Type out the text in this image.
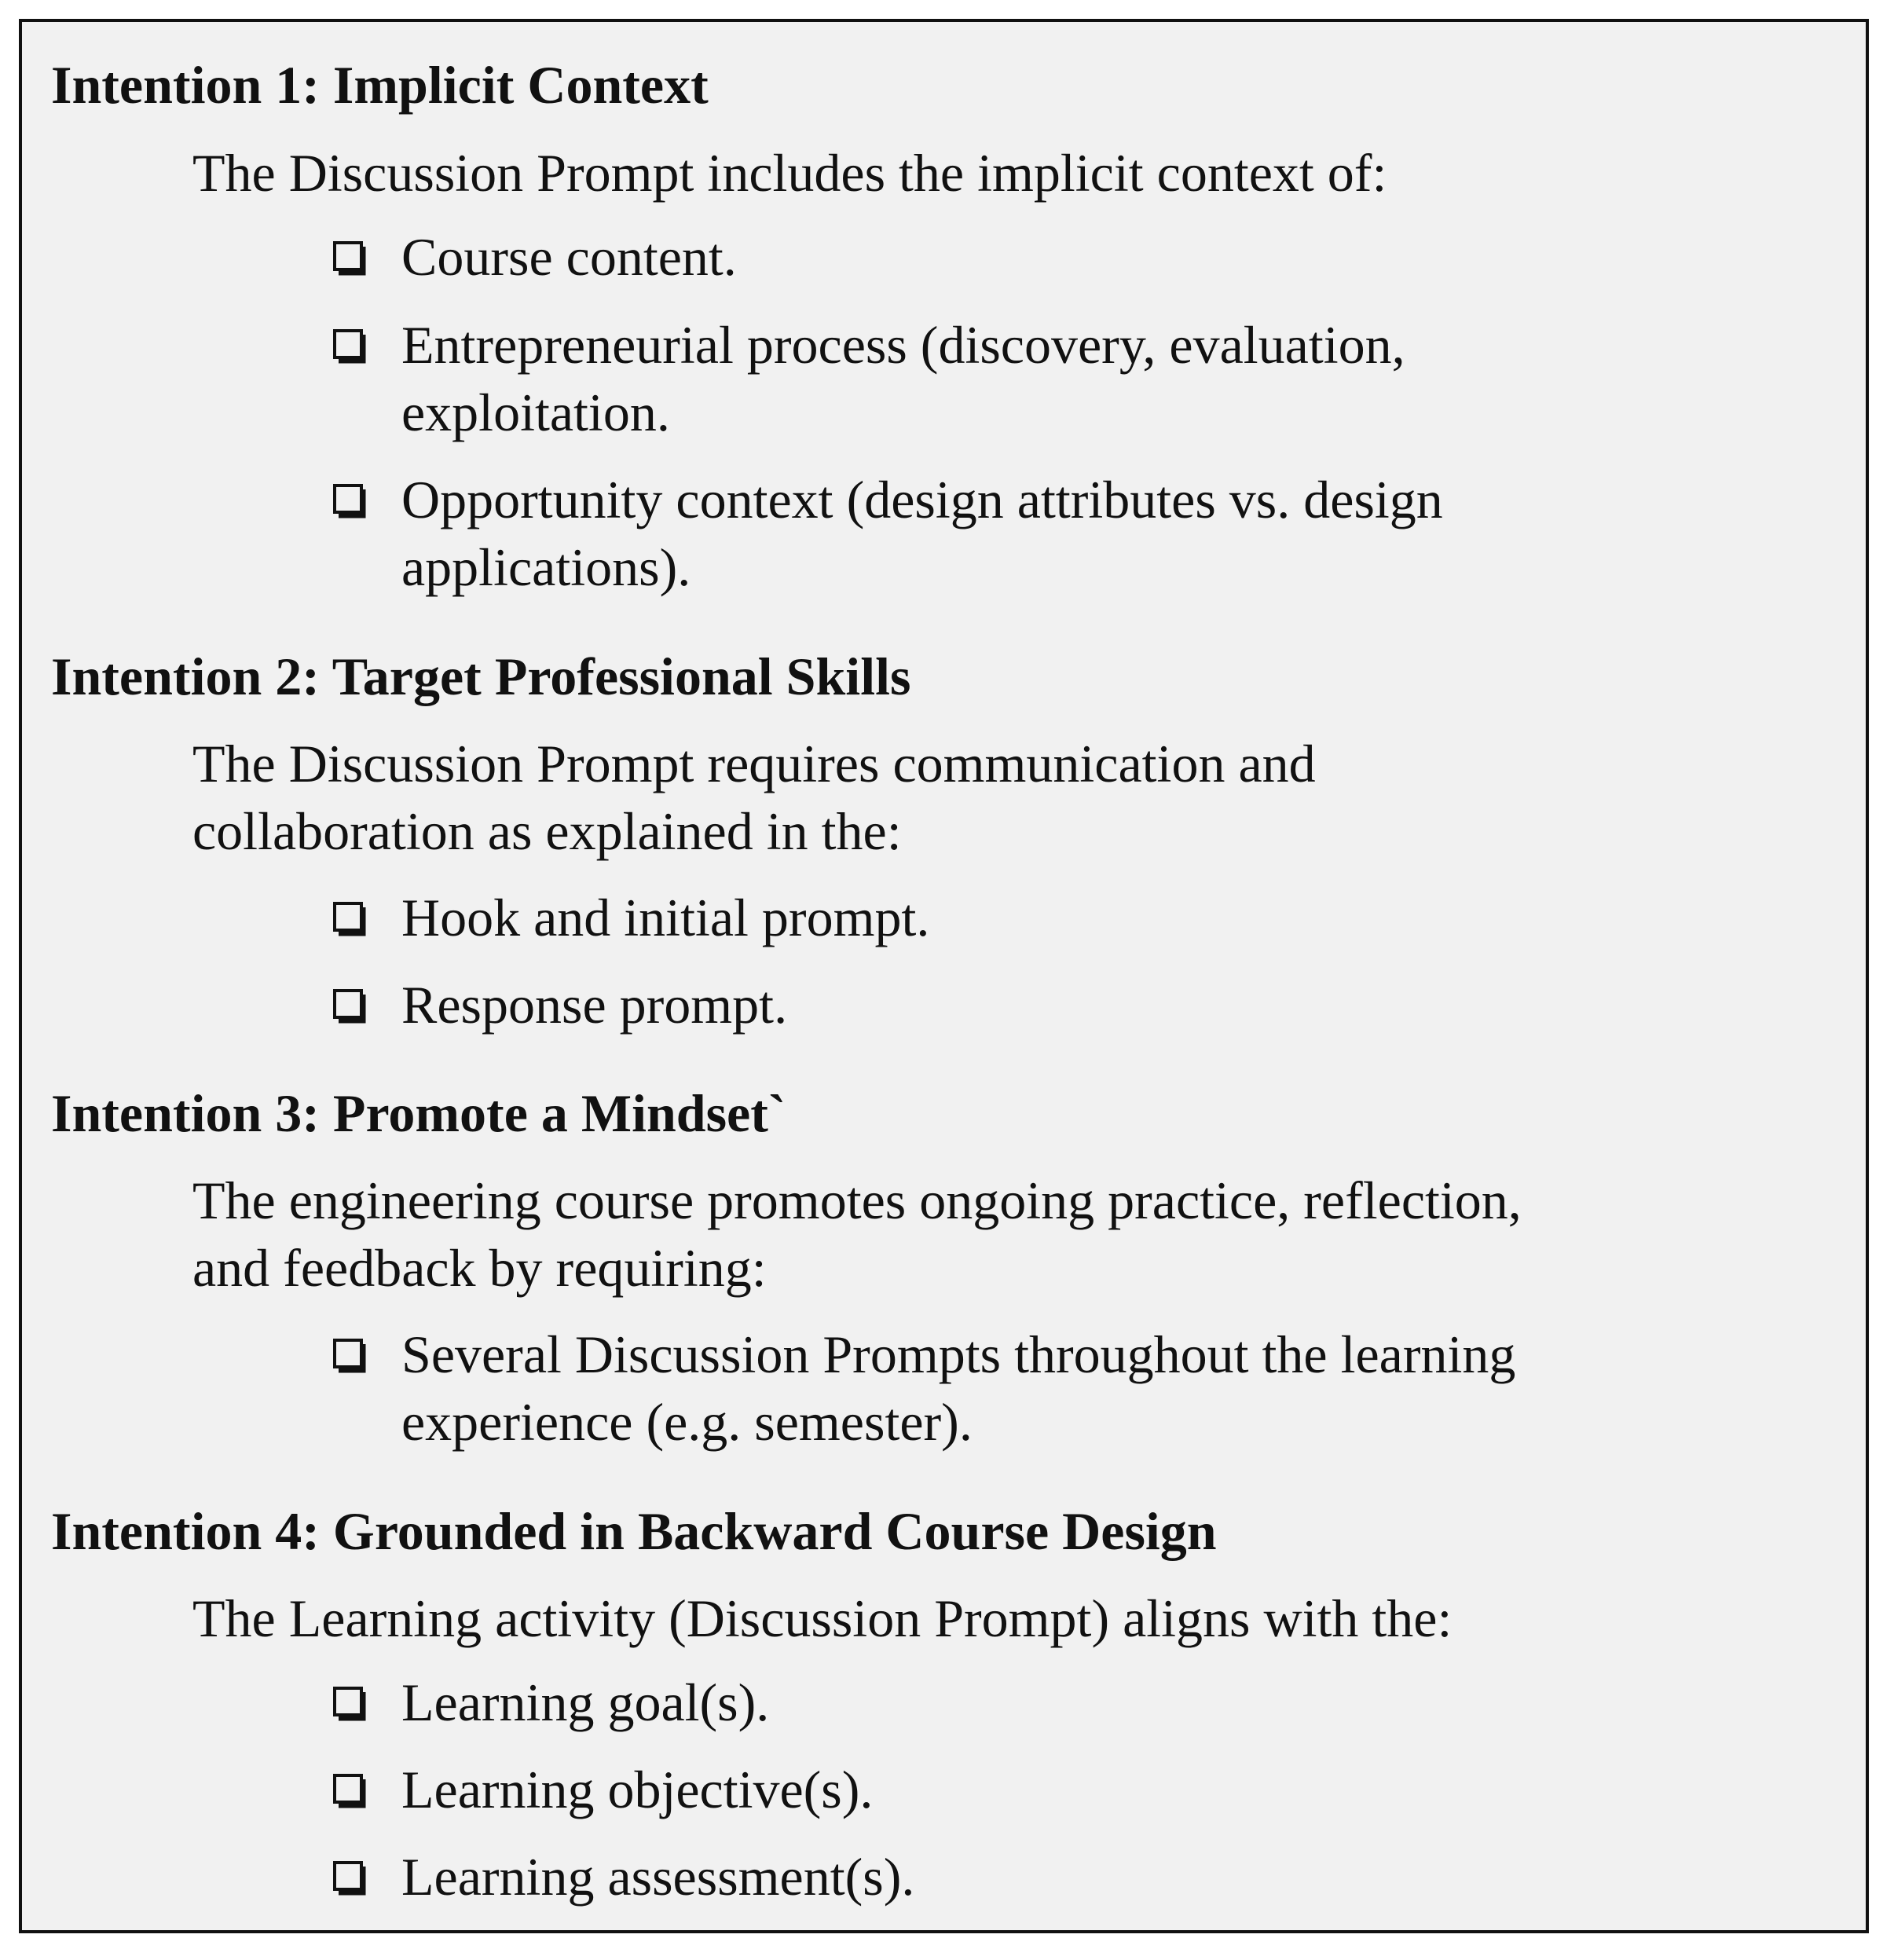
Intention 1: Implicit Context
The Discussion Prompt includes the implicit context of:
Course content.
Entrepreneurial process (discovery, evaluation,
exploitation.
Opportunity context (design attributes vs. design
applications).
Intention 2: Target Professional Skills
The Discussion Prompt requires communication and
collaboration as explained in the:
Hook and initial prompt.
Response prompt.
Intention 3: Promote a Mindset`
The engineering course promotes ongoing practice, reflection,
and feedback by requiring:
Several Discussion Prompts throughout the learning
experience (e.g. semester).
Intention 4: Grounded in Backward Course Design
The Learning activity (Discussion Prompt) aligns with the:
Learning goal(s).
Learning objective(s).
Learning assessment(s).
